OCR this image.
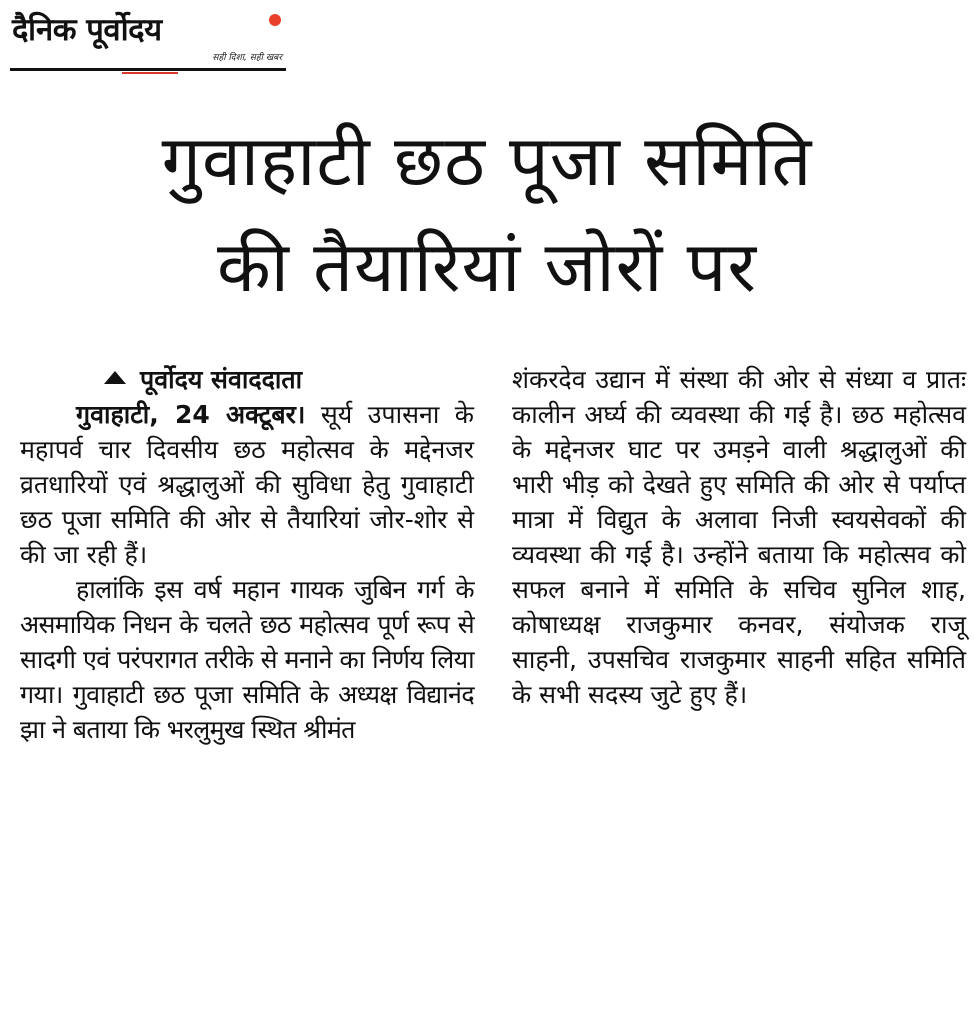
दैनिक पूर्वोदय
सही दिशा, सही खबर
गुवाहाटी छठ पूजा समिति
की तैयारियां जोरों पर
पूर्वोदय संवाददाता

गुवाहाटी, 24 अक्टूबर। सूर्य उपासना के महापर्व चार दिवसीय छठ महोत्सव के मद्देनजर व्रतधारियों एवं श्रद्धालुओं की सुविधा हेतु गुवाहाटी छठ पूजा समिति की ओर से तैयारियां जोर-शोर से की जा रही हैं।

हालांकि इस वर्ष महान गायक जुबिन गर्ग के असमायिक निधन के चलते छठ महोत्सव पूर्ण रूप से सादगी एवं परंपरागत तरीके से मनाने का निर्णय लिया गया। गुवाहाटी छठ पूजा समिति के अध्यक्ष विद्यानंद झा ने बताया कि भरलुमुख स्थित श्रीमंत

शंकरदेव उद्यान में संस्था की ओर से संध्या व प्रातः कालीन अर्घ्य की व्यवस्था की गई है। छठ महोत्सव के मद्देनजर घाट पर उमड़ने वाली श्रद्धालुओं की भारी भीड़ को देखते हुए समिति की ओर से पर्याप्त मात्रा में विद्युत के अलावा निजी स्वयसेवकों की व्यवस्था की गई है। उन्होंने बताया कि महोत्सव को सफल बनाने में समिति के सचिव सुनिल शाह, कोषाध्यक्ष राजकुमार कनवर, संयोजक राजू साहनी, उपसचिव राजकुमार साहनी सहित समिति के सभी सदस्य जुटे हुए हैं।
